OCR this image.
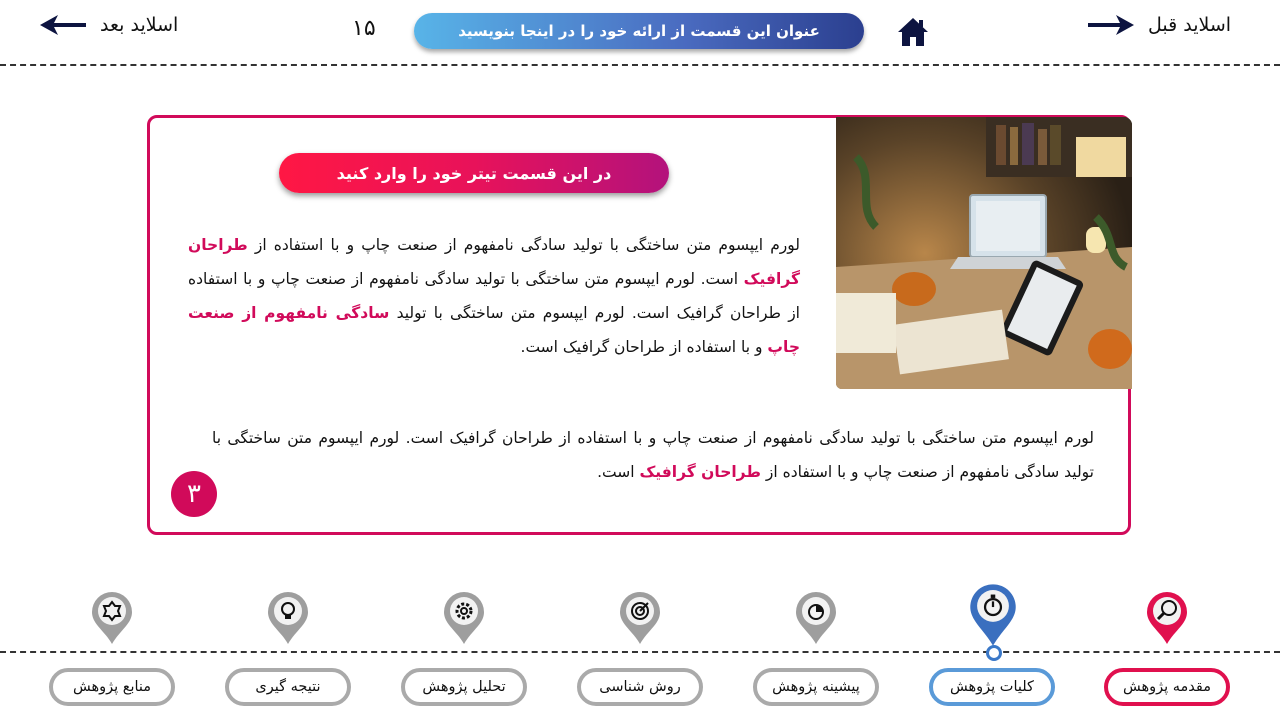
اسلاید قبل
اسلاید بعد	۱۵	عنوان این قسمت از ارائه خود را در اینجا بنویسید
در این قسمت تیتر خود را وارد کنید
لورم ایپسوم متن ساختگی با تولید سادگی نامفهوم از صنعت چاپ و با استفاده از طراحان گرافیک است. لورم ایپسوم متن ساختگی با تولید سادگی نامفهوم از صنعت چاپ و با استفاده از طراحان گرافیک است. لورم ایپسوم متن ساختگی با تولید سادگی نامفهوم از صنعت چاپ و با استفاده از طراحان گرافیک است.
لورم ایپسوم متن ساختگی با تولید سادگی نامفهوم از صنعت چاپ و با استفاده از طراحان گرافیک است. لورم ایپسوم متن ساختگی با تولید سادگی نامفهوم از صنعت چاپ و با استفاده از طراحان گرافیک است.
۳
مقدمه پژوهش
کلیات پژوهش
پیشینه پژوهش
روش شناسی
تحلیل پژوهش
نتیجه گیری
منابع پژوهش
